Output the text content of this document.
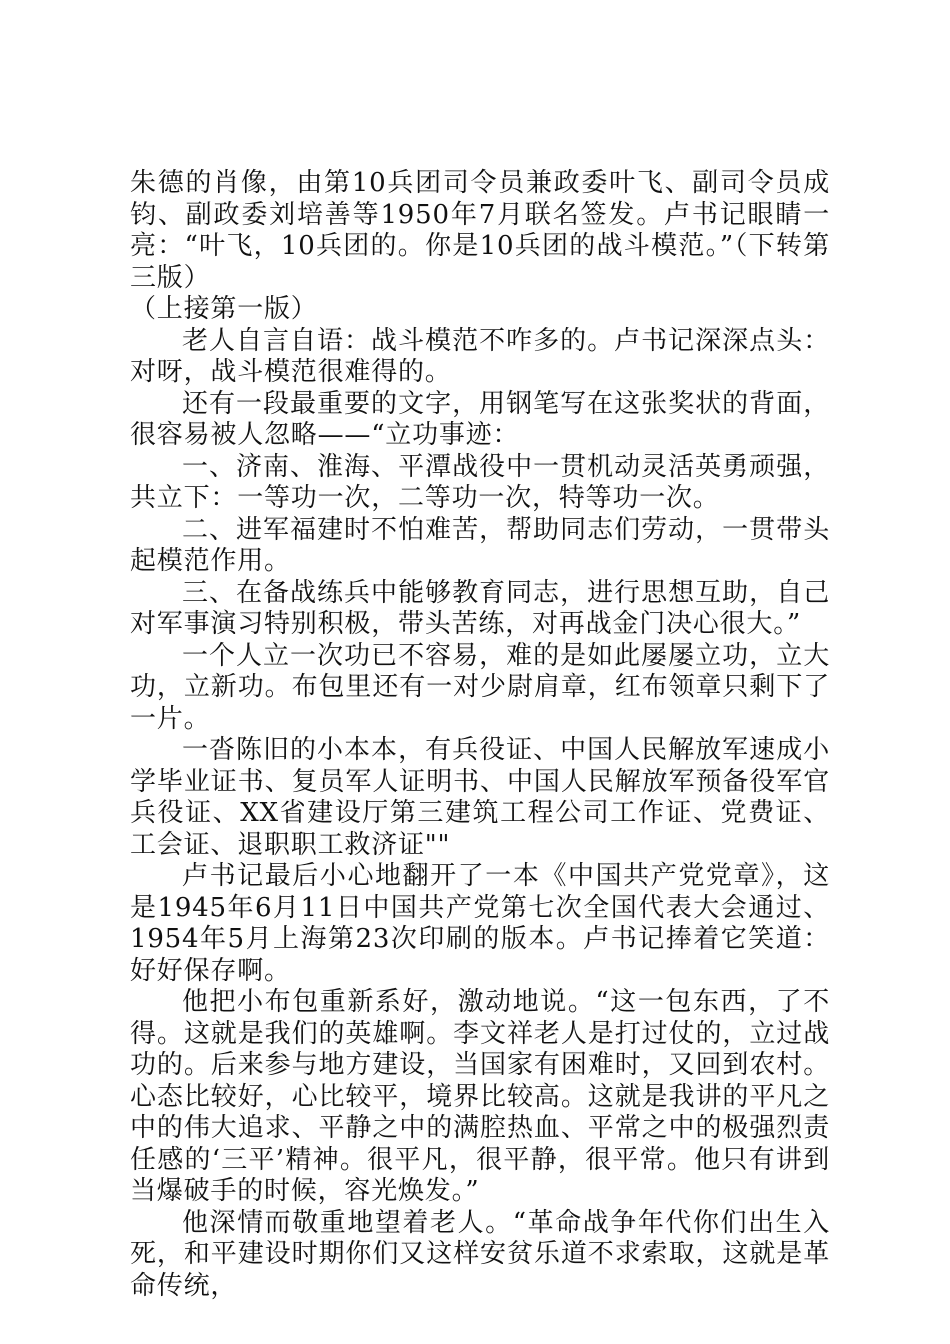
朱德的肖像，由第10兵团司令员兼政委叶飞、副司令员成钧、副政委刘培善等1950年7月联名签发。卢书记眼睛一亮：“叶飞，10兵团的。你是10兵团的战斗模范。”（下转第三版）

（上接第一版）

老人自言自语：战斗模范不咋多的。卢书记深深点头：对呀，战斗模范很难得的。

还有一段最重要的文字，用钢笔写在这张奖状的背面，很容易被人忽略——“立功事迹：

一、济南、淮海、平潭战役中一贯机动灵活英勇顽强，共立下：一等功一次，二等功一次，特等功一次。

二、进军福建时不怕难苦，帮助同志们劳动，一贯带头起模范作用。

三、在备战练兵中能够教育同志，进行思想互助，自己对军事演习特别积极，带头苦练，对再战金门决心很大。”

一个人立一次功已不容易，难的是如此屡屡立功，立大功，立新功。布包里还有一对少尉肩章，红布领章只剩下了一片。

一沓陈旧的小本本，有兵役证、中国人民解放军速成小学毕业证书、复员军人证明书、中国人民解放军预备役军官兵役证、XX省建设厅第三建筑工程公司工作证、党费证、工会证、退职职工救济证""

卢书记最后小心地翻开了一本《中国共产党党章》，这是1945年6月11日中国共产党第七次全国代表大会通过、1954年5月上海第23次印刷的版本。卢书记捧着它笑道：好好保存啊。

他把小布包重新系好，激动地说。“这一包东西，了不得。这就是我们的英雄啊。李文祥老人是打过仗的，立过战功的。后来参与地方建设，当国家有困难时，又回到农村。心态比较好，心比较平，境界比较高。这就是我讲的平凡之中的伟大追求、平静之中的满腔热血、平常之中的极强烈责任感的‘三平’精神。很平凡，很平静，很平常。他只有讲到当爆破手的时候，容光焕发。”

他深情而敬重地望着老人。“革命战争年代你们出生入死，和平建设时期你们又这样安贫乐道不求索取，这就是革命传统，
